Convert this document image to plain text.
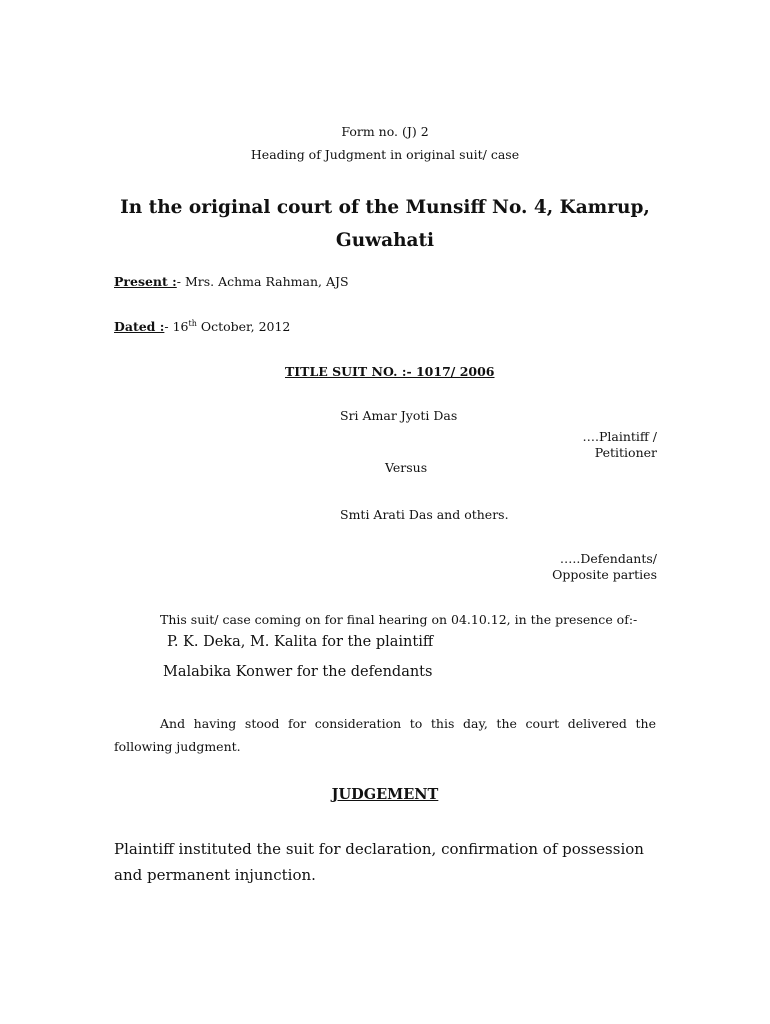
Form no. (J) 2
Heading of Judgment in original suit/ case
In the original court of the Munsiff No. 4, Kamrup,
Guwahati
Present :- Mrs. Achma Rahman, AJS
Dated :- 16th October, 2012
TITLE SUIT NO. :- 1017/ 2006
Sri Amar Jyoti Das
….Plaintiff /
Petitioner
Versus
Smti Arati Das and others.
…..Defendants/
Opposite parties
This suit/ case coming on for final hearing on 04.10.12, in the presence of:-
P. K. Deka, M. Kalita for the plaintiff
Malabika Konwer for the defendants
And having stood for consideration to this day, the court delivered the following judgment.
JUDGEMENT
Plaintiff instituted the suit for declaration, confirmation of possession and permanent injunction.
